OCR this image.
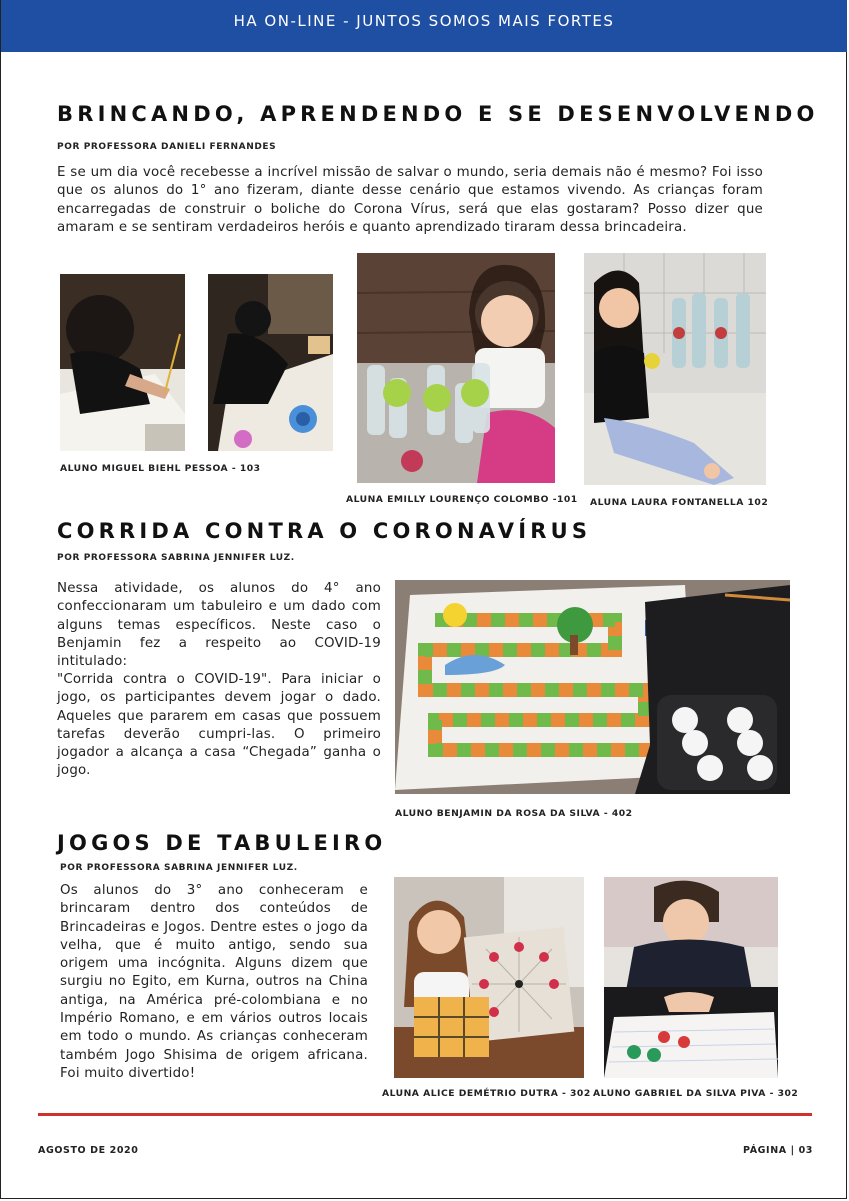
HA ON-LINE - JUNTOS SOMOS MAIS FORTES
BRINCANDO, APRENDENDO E SE DESENVOLVENDO
POR PROFESSORA DANIELI FERNANDES

E se um dia você recebesse a incrível missão de salvar o mundo, seria demais não é mesmo? Foi isso que os alunos do 1° ano fizeram, diante desse cenário que estamos vivendo. As crianças foram encarregadas de construir o boliche do Corona Vírus, será que elas gostaram? Posso dizer que amaram e se sentiram verdadeiros heróis e quanto aprendizado tiraram dessa brincadeira.

ALUNO MIGUEL BIEHL PESSOA - 103
ALUNA EMILLY LOURENÇO COLOMBO -101 ALUNA LAURA FONTANELLA 102
CORRIDA CONTRA O CORONAVÍRUS
POR PROFESSORA SABRINA JENNIFER LUZ.

Nessa atividade, os alunos do 4° ano confeccionaram um tabuleiro e um dado com alguns temas específicos. Neste caso o Benjamin fez a respeito ao COVID-19 intitulado:

"Corrida contra o COVID-19". Para iniciar o jogo, os participantes devem jogar o dado. Aqueles que pararem em casas que possuem tarefas deverão cumpri-las. O primeiro jogador a alcança a casa “Chegada” ganha o jogo.

ALUNO BENJAMIN DA ROSA DA SILVA - 402
JOGOS DE TABULEIRO
POR PROFESSORA SABRINA JENNIFER LUZ.

Os alunos do 3° ano conheceram e brincaram dentro dos conteúdos de Brincadeiras e Jogos. Dentre estes o jogo da velha, que é muito antigo, sendo sua origem uma incógnita. Alguns dizem que surgiu no Egito, em Kurna, outros na China antiga, na América pré-colombiana e no Império Romano, e em vários outros locais em todo o mundo. As crianças conheceram também Jogo Shisima de origem africana. Foi muito divertido!

ALUNA ALICE DEMÉTRIO DUTRA - 302 ALUNO GABRIEL DA SILVA PIVA - 302
AGOSTO DE 2020	PÁGINA | 03
